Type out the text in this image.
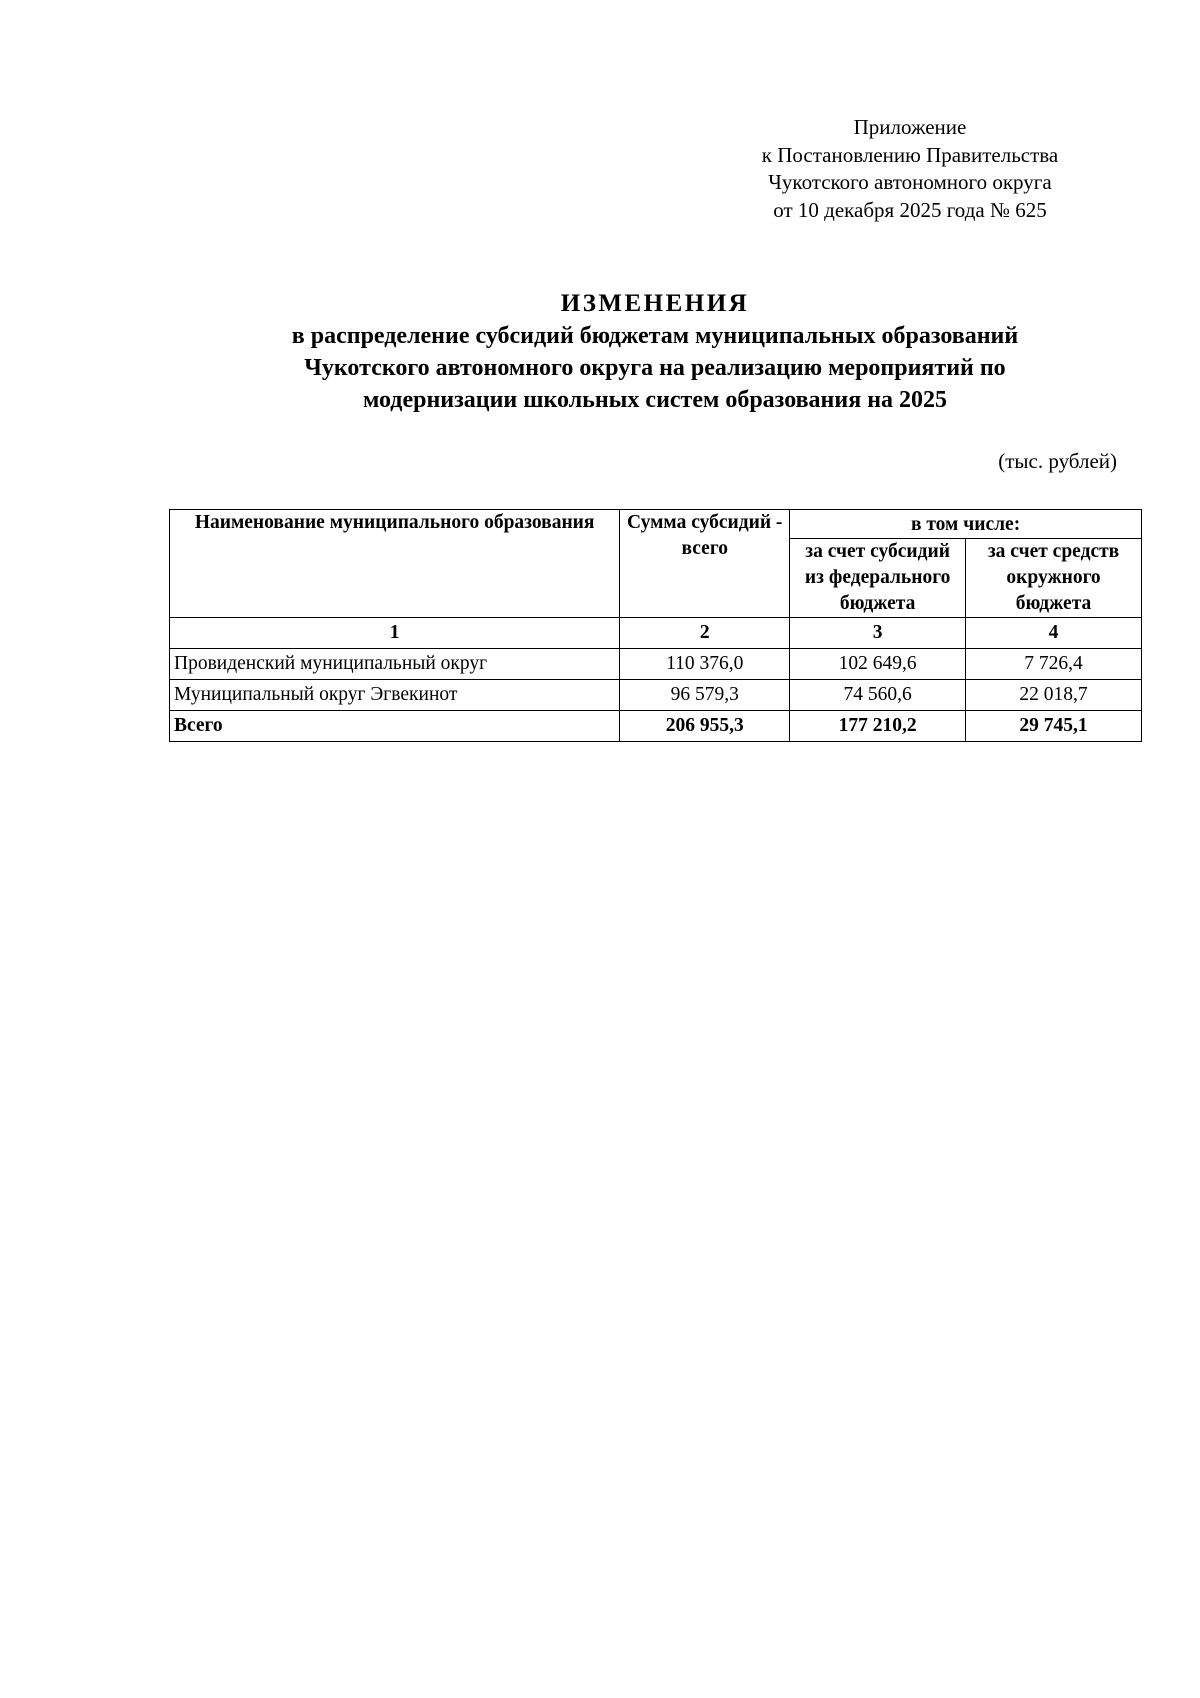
Приложение
к Постановлению Правительства
Чукотского автономного округа
от 10 декабря 2025 года № 625
ИЗМЕНЕНИЯ
в распределение субсидий бюджетам муниципальных образований
Чукотского автономного округа на реализацию мероприятий по
модернизации школьных систем образования на 2025
(тыс. рублей)
Наименование муниципального образования	Сумма субсидий - всего	в том числе:	
		за счет субсидий из федерального бюджета	за счет средств окружного бюджета
1	2	3	4
Провиденский муниципальный округ	110 376,0	102 649,6	7 726,4
Муниципальный округ Эгвекинот	96 579,3	74 560,6	22 018,7
Всего	206 955,3	177 210,2	29 745,1
